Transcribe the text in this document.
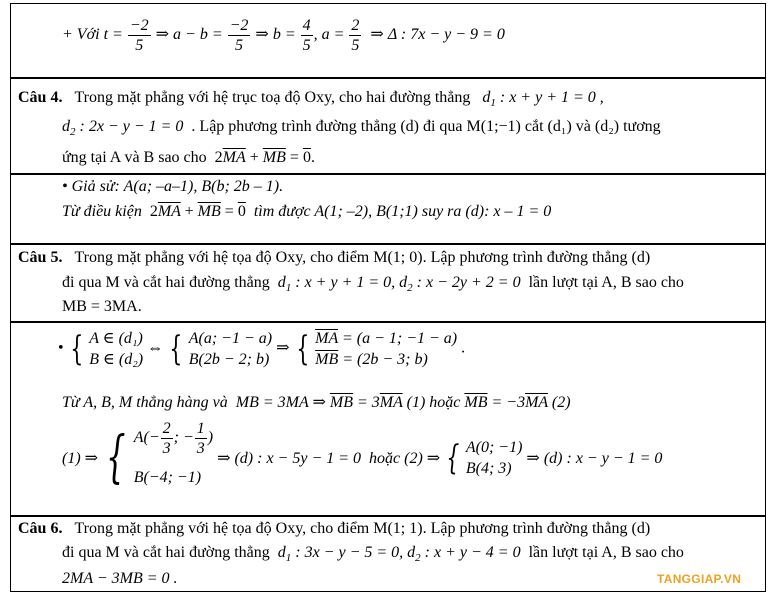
+ Với $t = \frac{-2}{5}$ ⇒ $a - b = \frac{-2}{5}$ ⇒ $b = \frac{4}{5}$ , $a = \frac{2}{5}$ ⇒ Δ : 7x − y − 9 = 0
Câu 4. Trong mặt phẳng với hệ trục toạ độ Oxy, cho hai đường thẳng $d_1$ : x + y + 1 = 0 ,
$d_2$ : 2x − y − 1 = 0 . Lập phương trình đường thẳng (d) đi qua M(1;−1) cắt (d₁) và (d₂) tương
ứng tại A và B sao cho $2\overline{MA} + \overline{MB} = 0$.
• Giả sử: A(a; –a–1), B(b; 2b – 1).
Từ điều kiện $2\overline{MA} + \overline{MB} = 0$ tìm được A(1; –2), B(1;1) suy ra (d): x – 1 = 0
Câu 5. Trong mặt phẳng với hệ tọa độ Oxy, cho điểm M(1; 0). Lập phương trình đường thẳng (d)
đi qua M và cắt hai đường thẳng $d_1$ : x + y + 1 = 0, $d_2$ : x − 2y + 2 = 0 lần lượt tại A, B sao cho
MB = 3MA.
• { A ∈ (d₁)
B ∈ (d₂) ⇔ { A(a; −1 − a)
B(2b − 2; b) ⇒ { $\overline{MA} = (a - 1$; −1 − a)
$\overline{MB} = (2b - 3$; b) .
Từ A, B, M thẳng hàng và MB = 3MA ⇒ $\overline{MB} = 3\overline{MA}$ (1) hoặc $\overline{MB} = -3\overline{MA}$ (2)
(1) ⇒ { $A(- \frac{2}{3}$ ; − $\frac{1}{3}$ )
B(−4; −1) ⇒ (d) : x − 5y − 1 = 0 hoặc (2) ⇒ { A(0; −1)
B(4; 3) ⇒ (d) : x − y − 1 = 0
Câu 6. Trong mặt phẳng với hệ tọa độ Oxy, cho điểm M(1; 1). Lập phương trình đường thẳng (d)
đi qua M và cắt hai đường thẳng $d_1$ : 3x − y − 5 = 0, $d_2$ : x + y − 4 = 0 lần lượt tại A, B sao cho
2MA − 3MB = 0 .	TANGGIAP.VN
